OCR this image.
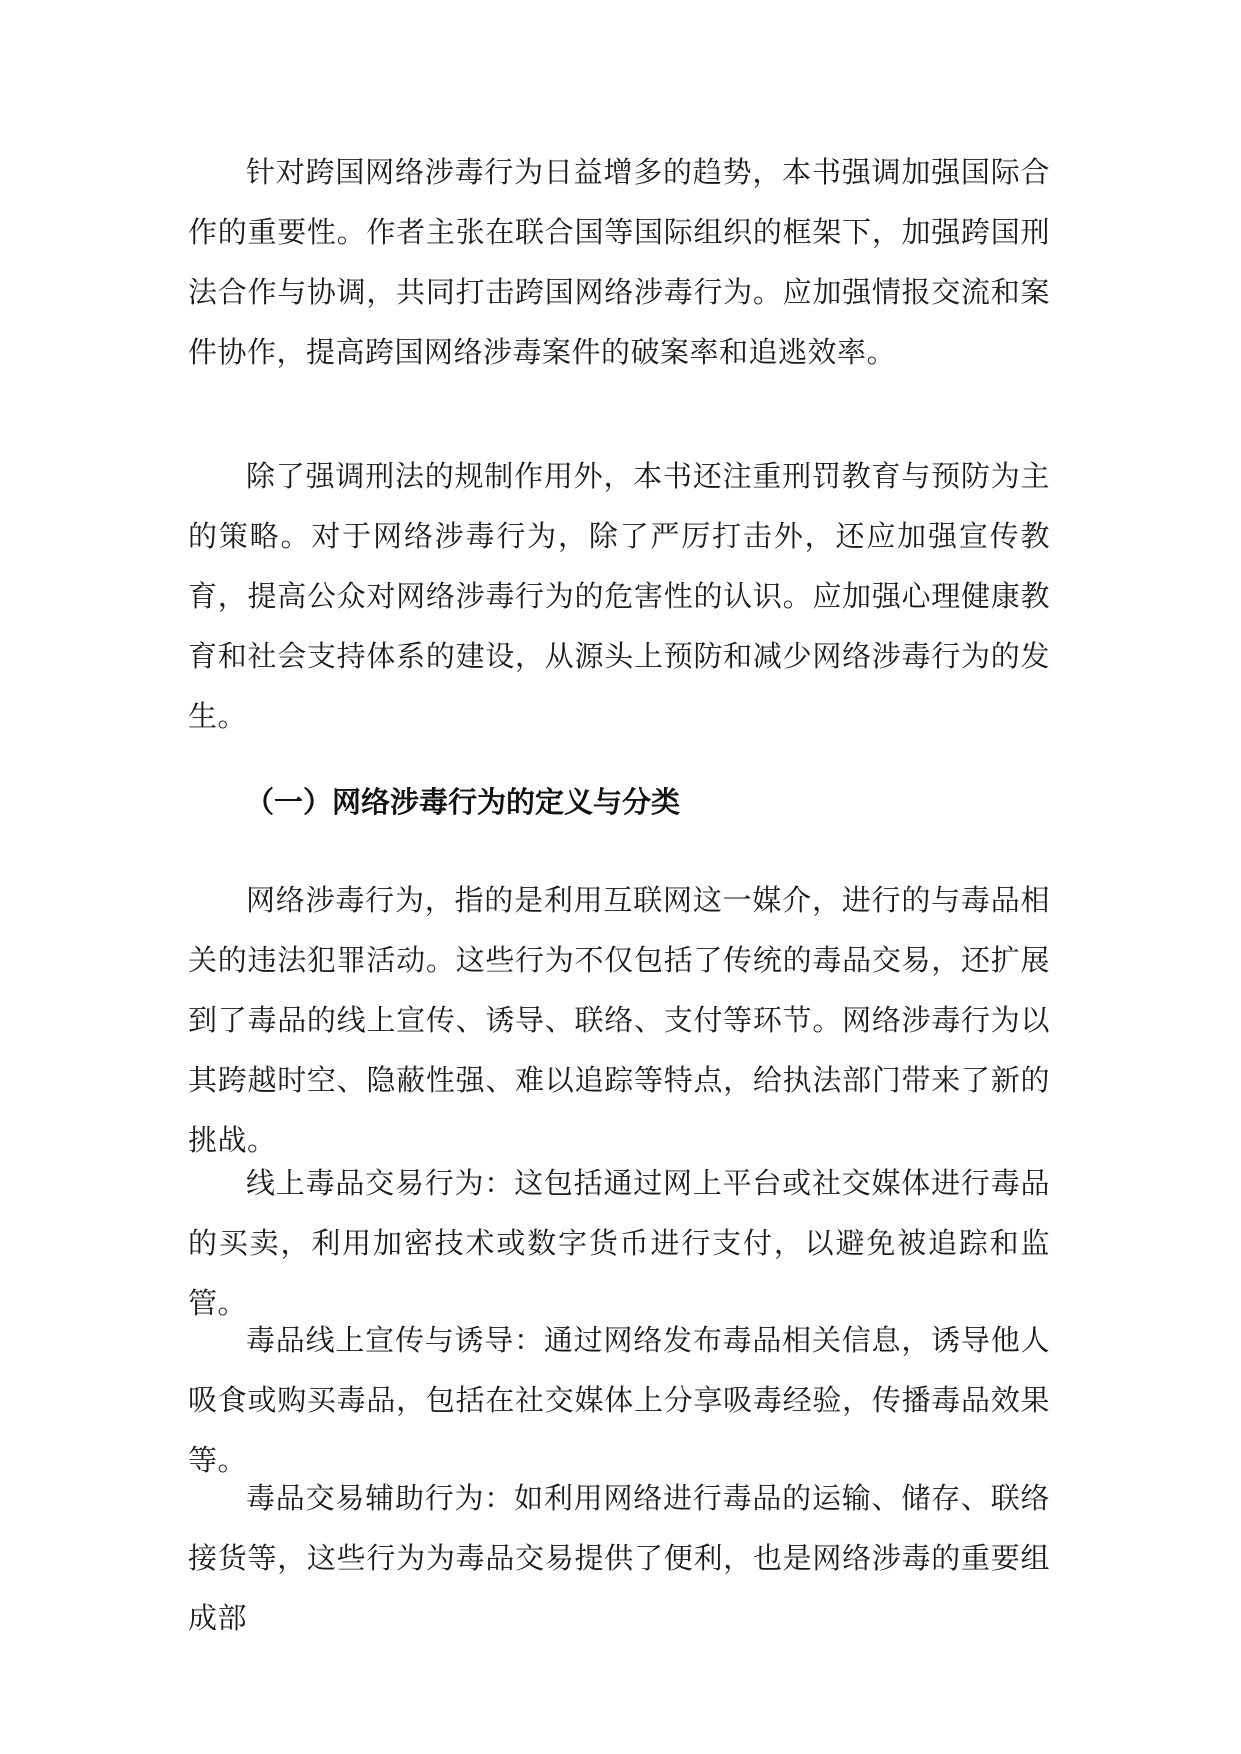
针对跨国网络涉毒行为日益增多的趋势，本书强调加强国际合作的重要性。作者主张在联合国等国际组织的框架下，加强跨国刑法合作与协调，共同打击跨国网络涉毒行为。应加强情报交流和案件协作，提高跨国网络涉毒案件的破案率和追逃效率。

除了强调刑法的规制作用外，本书还注重刑罚教育与预防为主的策略。对于网络涉毒行为，除了严厉打击外，还应加强宣传教育，提高公众对网络涉毒行为的危害性的认识。应加强心理健康教育和社会支持体系的建设，从源头上预防和减少网络涉毒行为的发生。

（一）网络涉毒行为的定义与分类

网络涉毒行为，指的是利用互联网这一媒介，进行的与毒品相关的违法犯罪活动。这些行为不仅包括了传统的毒品交易，还扩展到了毒品的线上宣传、诱导、联络、支付等环节。网络涉毒行为以其跨越时空、隐蔽性强、难以追踪等特点，给执法部门带来了新的挑战。

线上毒品交易行为：这包括通过网上平台或社交媒体进行毒品的买卖，利用加密技术或数字货币进行支付，以避免被追踪和监管。

毒品线上宣传与诱导：通过网络发布毒品相关信息，诱导他人吸食或购买毒品，包括在社交媒体上分享吸毒经验，传播毒品效果等。

毒品交易辅助行为：如利用网络进行毒品的运输、储存、联络接货等，这些行为为毒品交易提供了便利，也是网络涉毒的重要组成部
